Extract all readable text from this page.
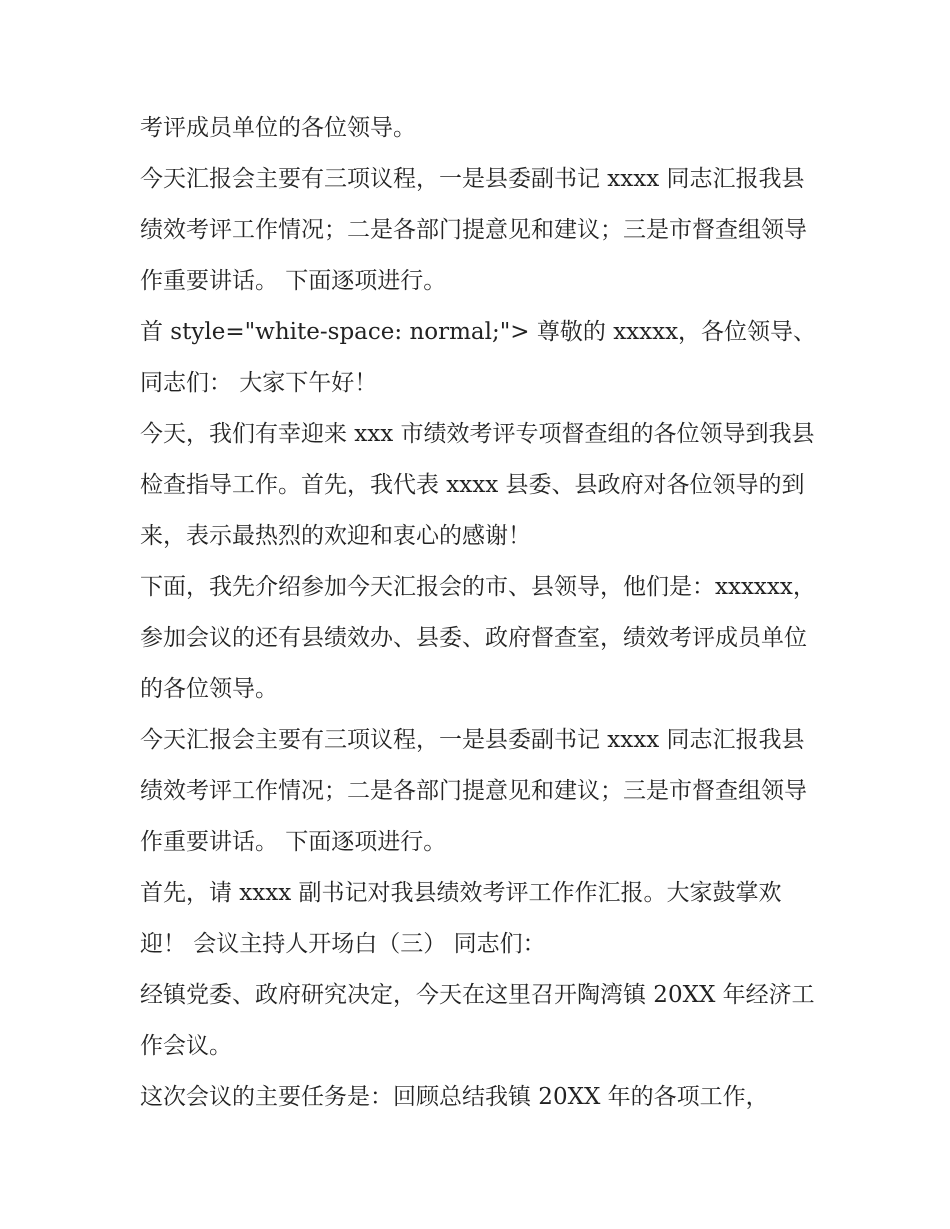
考评成员单位的各位领导。

今天汇报会主要有三项议程，一是县委副书记 xxxx 同志汇报我县绩效考评工作情况；二是各部门提意见和建议；三是市督查组领导作重要讲话。 下面逐项进行。

首 style="white-space: normal;"> 尊敬的 xxxxx，各位领导、同志们： 大家下午好！

今天，我们有幸迎来 xxx 市绩效考评专项督查组的各位领导到我县检查指导工作。首先，我代表 xxxx 县委、县政府对各位领导的到来，表示最热烈的欢迎和衷心的感谢！

下面，我先介绍参加今天汇报会的市、县领导，他们是：xxxxxx，参加会议的还有县绩效办、县委、政府督查室，绩效考评成员单位的各位领导。

今天汇报会主要有三项议程，一是县委副书记 xxxx 同志汇报我县绩效考评工作情况；二是各部门提意见和建议；三是市督查组领导作重要讲话。 下面逐项进行。

首先，请 xxxx 副书记对我县绩效考评工作作汇报。大家鼓掌欢迎！ 会议主持人开场白（三） 同志们：

经镇党委、政府研究决定，今天在这里召开陶湾镇 20XX 年经济工作会议。

这次会议的主要任务是：回顾总结我镇 20XX 年的各项工作，
